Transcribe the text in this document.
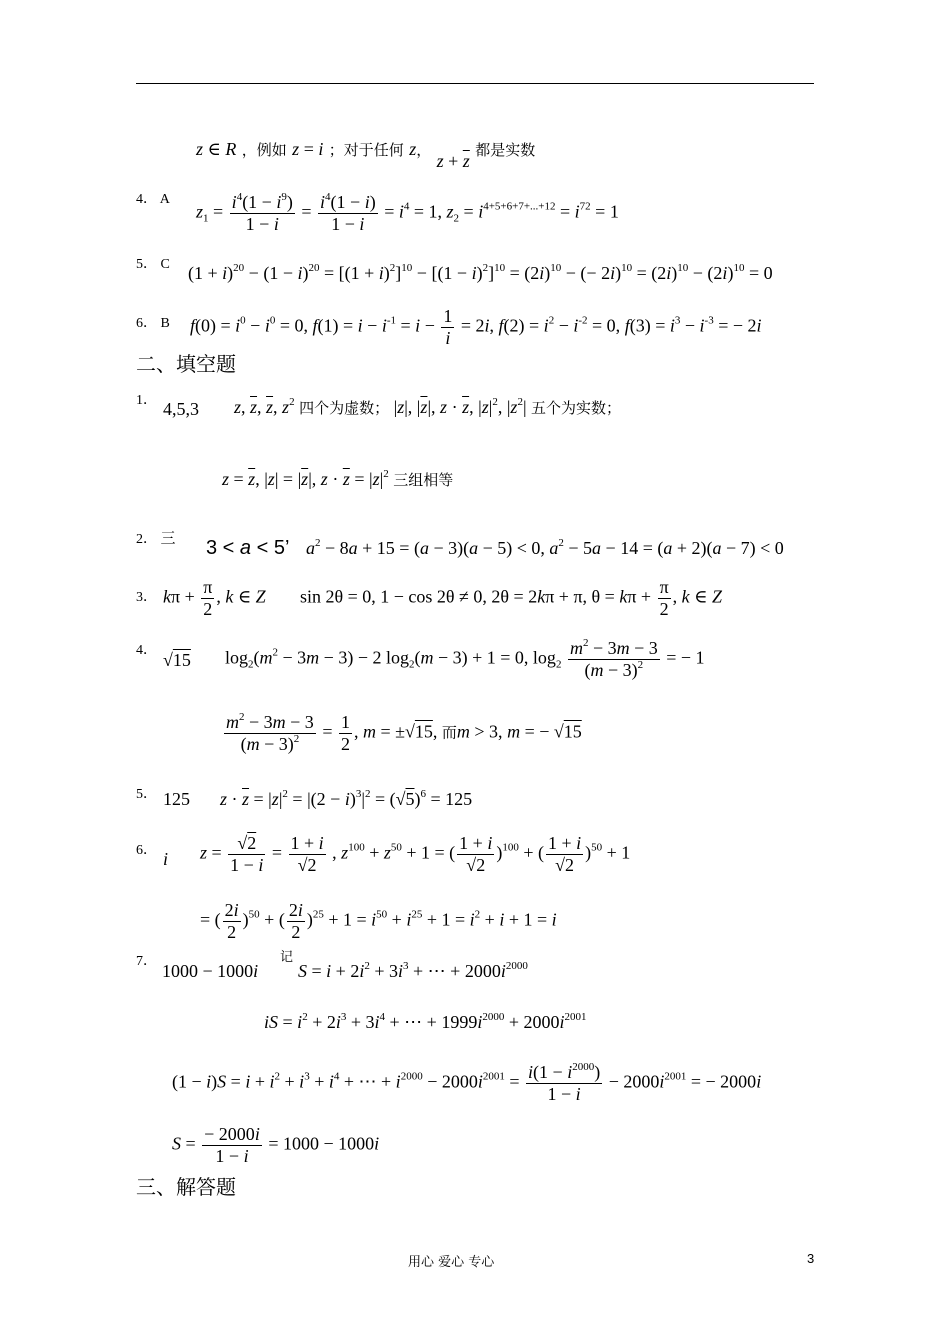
z ∈ R ，例如 z = i ；对于任何 z， $z + \overline{z}$ 都是实数
4． A
$z_1 = \frac{i^4(1 - i^9)}{1 - i} = \frac{i^4(1 - i)}{1 - i} = i^4 = 1$, $z_2 = i^{4+5+6+7+...+12} = i^{72} = 1$
5． C $(1 + i)^{20} - (1 - i)^{20} = [(1 + i)^2]^{10} - [(1 - i)^2]^{10} = (2i)^{10}$ − (− $2i)^{10} = (2i)^{10} - (2i)^{10} = 0$
6． B $f(0) = i^0 - i^0 = 0$, $f(1) = i - i^{-1} = i - \frac{1}{i} = 2i$, $f(2) = i^2 - i^{-2} = 0$, $f(3) = i^3 - i^{-3}$ = − 2i
二、填空题
1． 4,5,3 z, $\overline{z}$, $\overline{z}$, $z^2$ 四个为虚数； |z|, $|\overline{z}|$, $z \cdot \overline{z}$, $|z|^2$, $|z^2|$ 五个为实数；
$z = \overline{z}$, $|z| = |\overline{z}|$, $z \cdot \overline{z} = |z|^2$ 三组相等
2． 三 3 < a < 5’ $a^2 - 8a + 15 = (a - 3)(a - 5) < 0$, $a^2 - 5a - 14 = (a + 2)(a - 7) < 0$
3． $k\pi + \frac{\pi}{2}$ , k ∈ Z sin 2θ = 0, 1 − cos 2θ ≠ 0, 2θ = 2kπ + π, $\theta = k\pi + \frac{\pi}{2}$ , k ∈ Z
4． √15 $\log_2(m^2 - 3m - 3) - 2$ $\log_2(m - 3) + 1 = 0$, $\log_2 \frac{m^2 - 3m - 3}{(m - 3)^2}$ = − 1
$\frac{m^2 - 3m - 3}{(m - 3)^2} = \frac{1}{2}$ , m = ±√15, 而m > 3, m = − √15
5． 125 $z \cdot \overline{z} = |z|^2 = |(2 - i)^3|^2 = (√5)^6 = 125$
6． i $z = \frac{√2}{1 - i} = \frac{1 + i}{√2}$ , $z^{100} + z^{50} + 1$ = ( $\frac{1 + i}{√2} )^{100}$ + ( $\frac{1 + i}{√2} )^{50} + 1$
= ( $\frac{2i}{2} )^{50}$ + ( $\frac{2i}{2} )^{25} + 1 = i^{50} + i^{25} + 1 = i^2 + i + 1 = i$
7． 1000 − 1000i
记
$S = i + 2i^2 + 3i^3$ + ⋯ + $2000i^{2000}$
iS = $i^2 + 2i^3 + 3i^4$ + ⋯ + $1999i^{2000} + 2000i^{2001}$
$(1 - i)S = i + i^2 + i^3 + i^4$ + ⋯ + $i^{2000} - 2000i^{2001} = \frac{i(1 - i^{2000})}{1 - i} - 2000i^{2001}$ = − 2000i
$S = \frac{- 2000i}{1 - i} = 1000 - 1000i$
三、解答题
用心 爱心 专心	3
